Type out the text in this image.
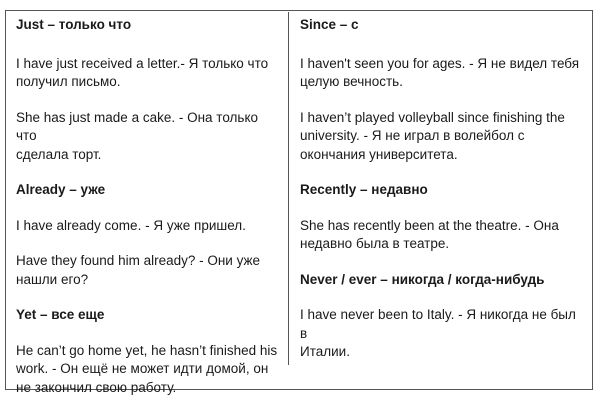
Just – только что

I have just received a letter.- Я только что
получил письмо.

She has just made a cake. - Она только что
сделала торт.

Already – уже

I have already come. - Я уже пришел.

Have they found him already? - Они уже
нашли его?

Yet – все еще

He can’t go home yet, he hasn’t finished his
work. - Он ещё не может идти домой, он
не закончил свою работу.

Since – с

I haven't seen you for ages. - Я не видел тебя
целую вечность.

I haven’t played volleyball since finishing the
university. - Я не играл в волейбол с
окончания университета.

Recently – недавно

She has recently been at the theatre. - Она
недавно была в театре.

Never / ever – никогда / когда-нибудь

I have never been to Italy. - Я никогда не был в
Италии.
